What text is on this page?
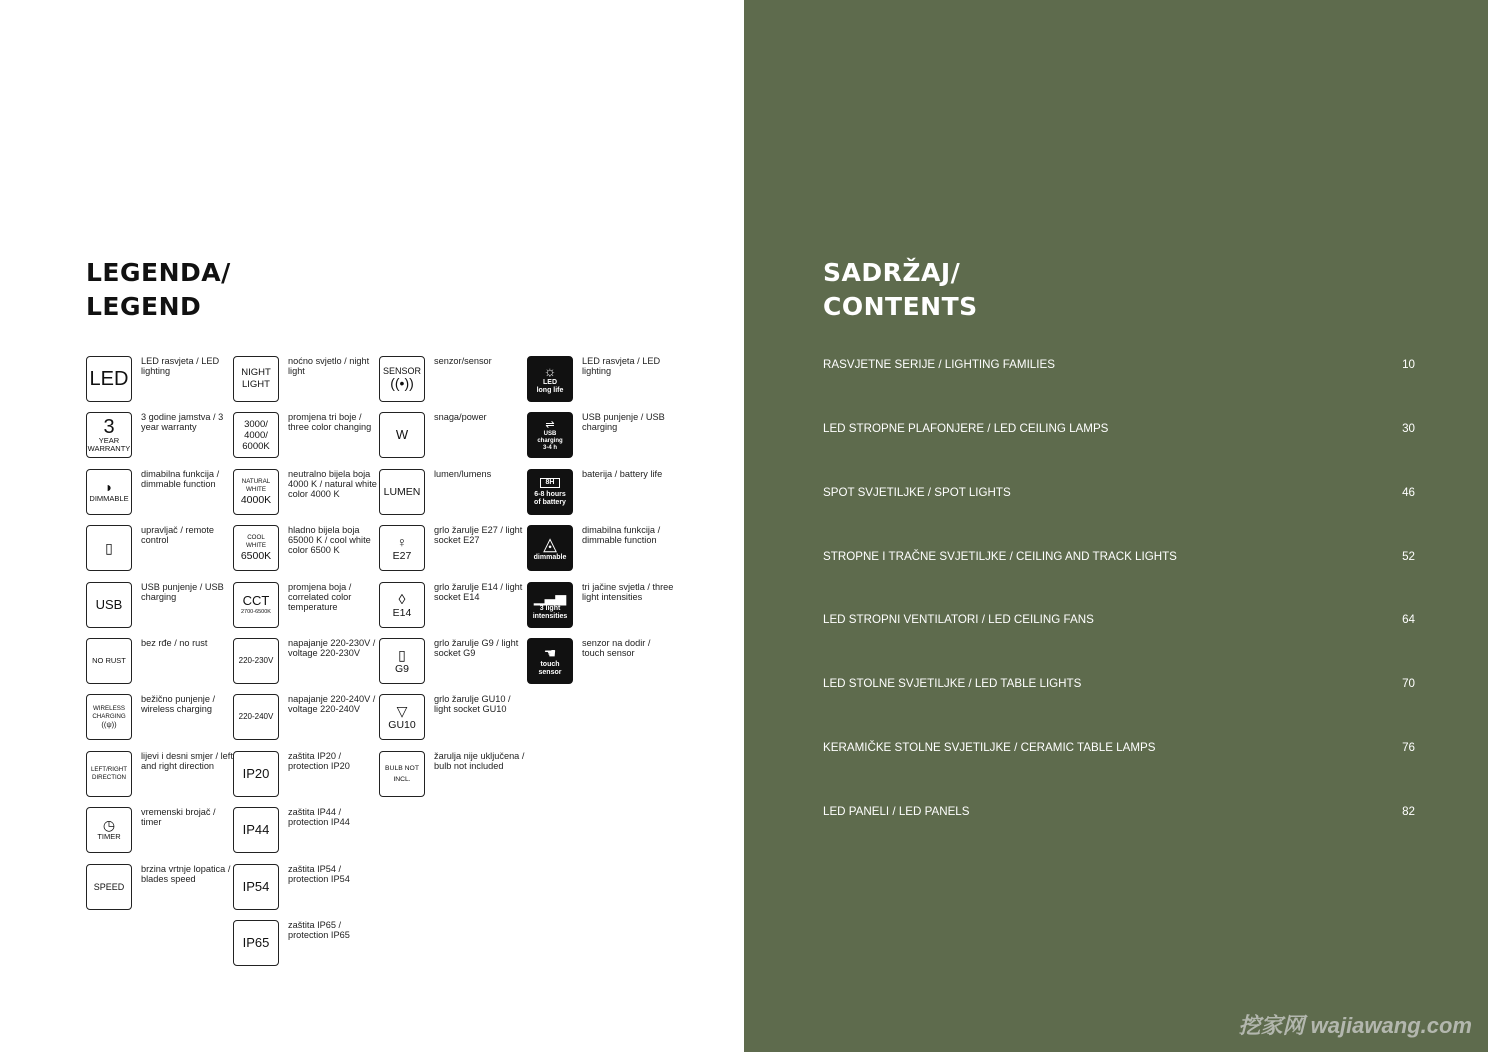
LEGENDA/
LEGEND
LED
LED rasvjeta / LED lighting
3
YEAR
WARRANTY
3 godine jamstva / 3 year warranty
◗
DIMMABLE
dimabilna funkcija / dimmable function
▯
upravljač / remote control
USB
USB punjenje / USB charging
NO RUST
bez rđe / no rust
WIRELESS
CHARGING
((ψ))
bežično punjenje / wireless charging
LEFT/RIGHT
DIRECTION
lijevi i desni smjer / left and right direction
◷
TIMER
vremenski brojač / timer
SPEED
brzina vrtnje lopatica / blades speed
NIGHT
LIGHT
noćno svjetlo / night light
3000/
4000/
6000K
promjena tri boje / three color changing
NATURAL
WHITE
4000K
neutralno bijela boja 4000 K / natural white color 4000 K
COOL
WHITE
6500K
hladno bijela boja 65000 K / cool white color 6500 K
CCT
2700-6500K
promjena boja / correlated color temperature
220-230V
napajanje 220-230V / voltage 220-230V
220-240V
napajanje 220-240V / voltage 220-240V
IP20
zaštita IP20 / protection IP20
IP44
zaštita IP44 / protection IP44
IP54
zaštita IP54 / protection IP54
IP65
zaštita IP65 / protection IP65
SENSOR
((•))
senzor/sensor
W
snaga/power
LUMEN
lumen/lumens
♀
E27
grlo žarulje E27 / light socket E27
◊
E14
grlo žarulje E14 / light socket E14
▯
G9
grlo žarulje G9 / light socket G9
▽
GU10
grlo žarulje GU10 / light socket GU10
BULB NOT
INCL.
žarulja nije uključena / bulb not included
☼
LED
long life
LED rasvjeta / LED lighting
⇌
USB
charging
3-4 h
USB punjenje / USB charging
8H
6-8 hours
of battery
baterija / battery life
◬
dimmable
dimabilna funkcija / dimmable function
▁▃▅
3 light
intensities
tri jačine svjetla / three light intensities
☚
touch
sensor
senzor na dodir / touch sensor
SADRŽAJ/
CONTENTS
RASVJETNE SERIJE / LIGHTING FAMILIES	10
LED STROPNE PLAFONJERE / LED CEILING LAMPS	30
SPOT SVJETILJKE / SPOT LIGHTS	46
STROPNE I TRAČNE SVJETILJKE / CEILING AND TRACK LIGHTS	52
LED STROPNI VENTILATORI / LED CEILING FANS	64
LED STOLNE SVJETILJKE / LED TABLE LIGHTS	70
KERAMIČKE STOLNE SVJETILJKE / CERAMIC TABLE LAMPS	76
LED PANELI / LED PANELS	82
挖家网 wajiawang.com
